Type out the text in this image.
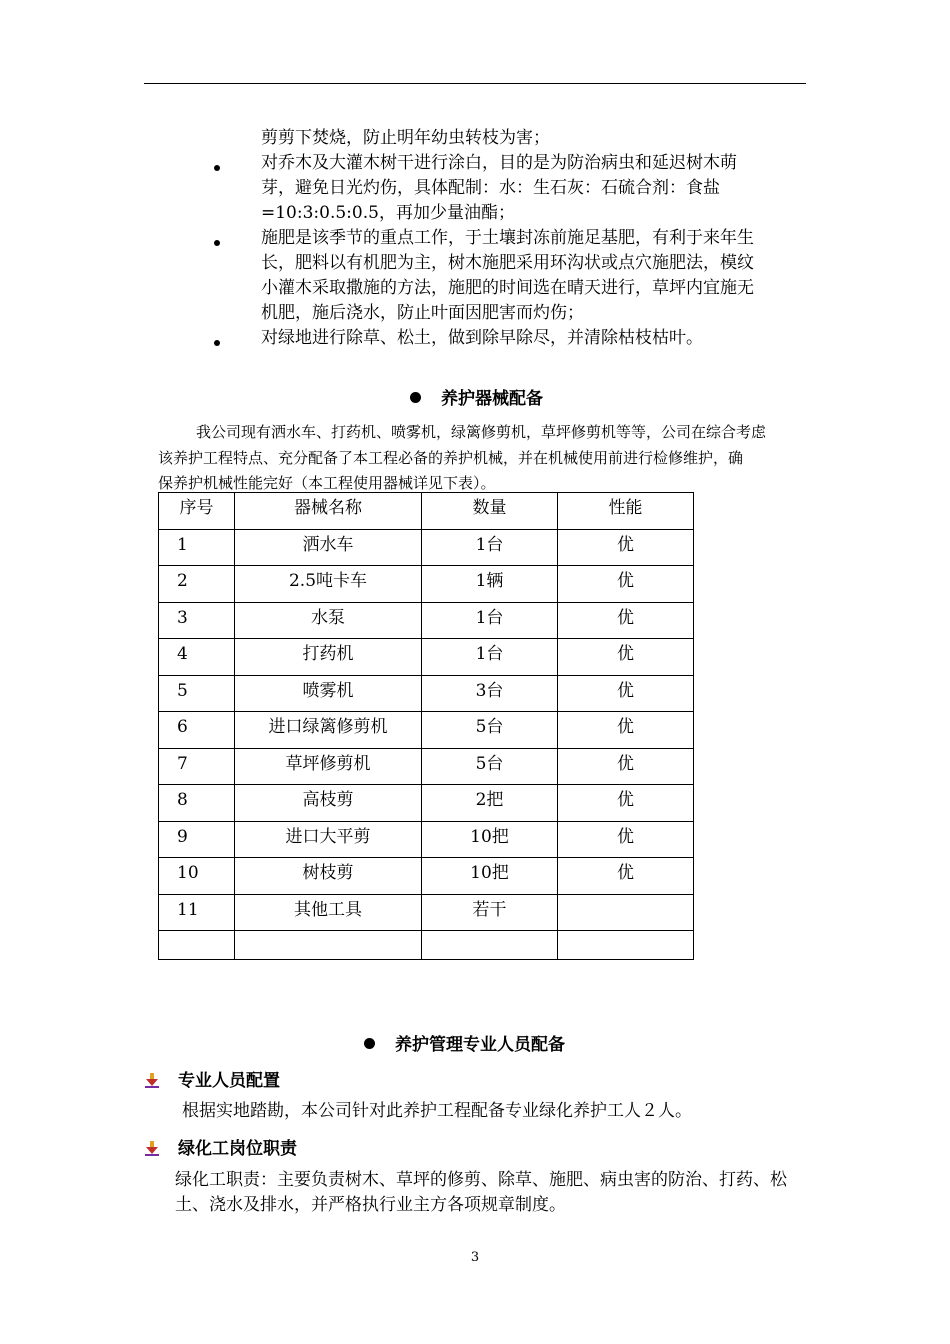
剪剪下焚烧，防止明年幼虫转枝为害；
对乔木及大灌木树干进行涂白，目的是为防治病虫和延迟树木萌
芽，避免日光灼伤，具体配制：水：生石灰：石硫合剂：食盐
=10:3:0.5:0.5，再加少量油酯；
施肥是该季节的重点工作，于土壤封冻前施足基肥，有利于来年生
长，肥料以有机肥为主，树木施肥采用环沟状或点穴施肥法，模纹
小灌木采取撒施的方法，施肥的时间选在晴天进行，草坪内宜施无
机肥，施后浇水，防止叶面因肥害而灼伤；
对绿地进行除草、松土，做到除早除尽，并清除枯枝枯叶。
养护器械配备
我公司现有洒水车、打药机、喷雾机，绿篱修剪机，草坪修剪机等等，公司在综合考虑
该养护工程特点、充分配备了本工程必备的养护机械，并在机械使用前进行检修维护，确
保养护机械性能完好（本工程使用器械详见下表）。
序号	器械名称	数量	性能
1	洒水车	1台	优
2	2.5吨卡车	1辆	优
3	水泵	1台	优
4	打药机	1台	优
5	喷雾机	3台	优
6	进口绿篱修剪机	5台	优
7	草坪修剪机	5台	优
8	高枝剪	2把	优
9	进口大平剪	10把	优
10	树枝剪	10把	优
11	其他工具	若干	

养护管理专业人员配备
专业人员配置
根据实地踏勘，本公司针对此养护工程配备专业绿化养护工人２人。
绿化工岗位职责
绿化工职责：主要负责树木、草坪的修剪、除草、施肥、病虫害的防治、打药、松
土、浇水及排水，并严格执行业主方各项规章制度。
3
